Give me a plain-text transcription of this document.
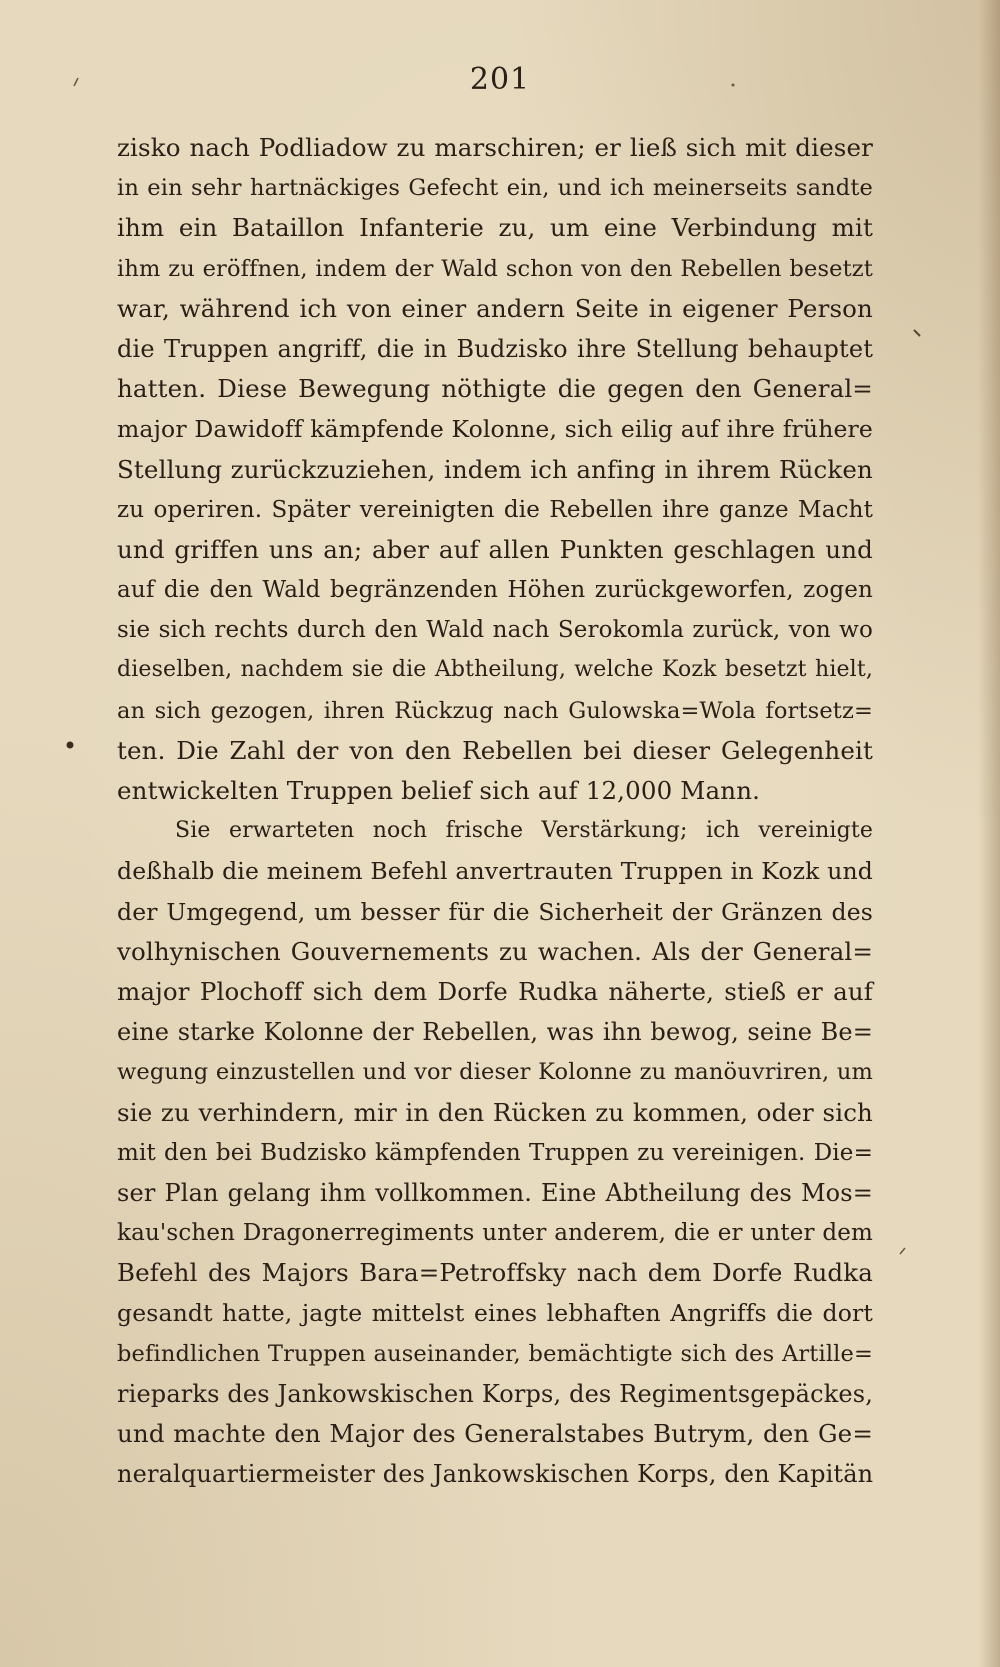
201
zisko nach Podliadow zu marschiren; er ließ sich mit dieser
in ein sehr hartnäckiges Gefecht ein, und ich meinerseits sandte
ihm ein Bataillon Infanterie zu, um eine Verbindung mit
ihm zu eröffnen, indem der Wald schon von den Rebellen besetzt
war, während ich von einer andern Seite in eigener Person
die Truppen angriff, die in Budzisko ihre Stellung behauptet
hatten. Diese Bewegung nöthigte die gegen den General=
major Dawidoff kämpfende Kolonne, sich eilig auf ihre frühere
Stellung zurückzuziehen, indem ich anfing in ihrem Rücken
zu operiren. Später vereinigten die Rebellen ihre ganze Macht
und griffen uns an; aber auf allen Punkten geschlagen und
auf die den Wald begränzenden Höhen zurückgeworfen, zogen
sie sich rechts durch den Wald nach Serokomla zurück, von wo
dieselben, nachdem sie die Abtheilung, welche Kozk besetzt hielt,
an sich gezogen, ihren Rückzug nach Gulowska=Wola fortsetz=
ten. Die Zahl der von den Rebellen bei dieser Gelegenheit
entwickelten Truppen belief sich auf 12,000 Mann.
Sie erwarteten noch frische Verstärkung; ich vereinigte
deßhalb die meinem Befehl anvertrauten Truppen in Kozk und
der Umgegend, um besser für die Sicherheit der Gränzen des
volhynischen Gouvernements zu wachen. Als der General=
major Plochoff sich dem Dorfe Rudka näherte, stieß er auf
eine starke Kolonne der Rebellen, was ihn bewog, seine Be=
wegung einzustellen und vor dieser Kolonne zu manöuvriren, um
sie zu verhindern, mir in den Rücken zu kommen, oder sich
mit den bei Budzisko kämpfenden Truppen zu vereinigen. Die=
ser Plan gelang ihm vollkommen. Eine Abtheilung des Mos=
kau'schen Dragonerregiments unter anderem, die er unter dem
Befehl des Majors Bara=Petroffsky nach dem Dorfe Rudka
gesandt hatte, jagte mittelst eines lebhaften Angriffs die dort
befindlichen Truppen auseinander, bemächtigte sich des Artille=
rieparks des Jankowskischen Korps, des Regimentsgepäckes,
und machte den Major des Generalstabes Butrym, den Ge=
neralquartiermeister des Jankowskischen Korps, den Kapitän
